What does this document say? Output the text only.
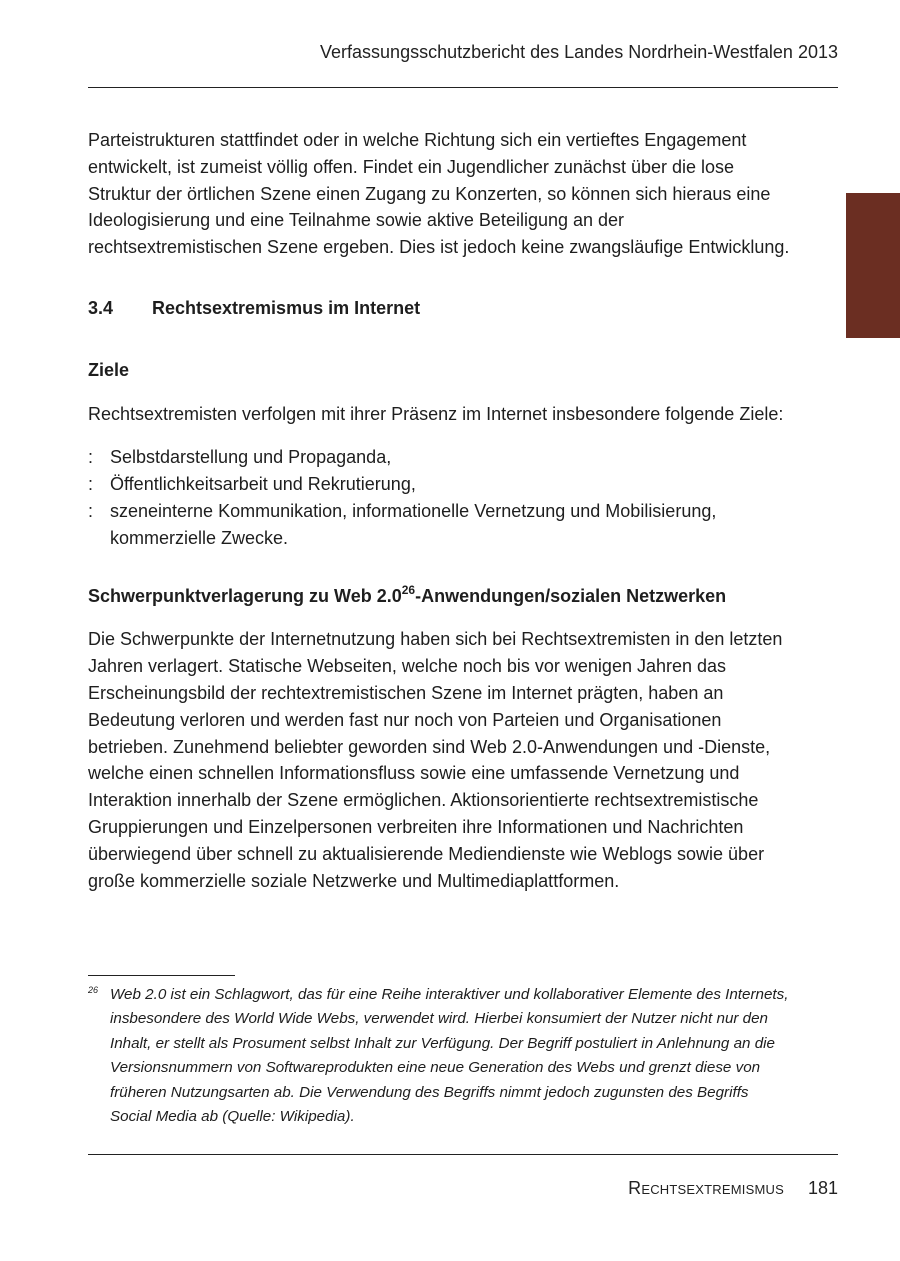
Verfassungsschutzbericht des Landes Nordrhein-Westfalen 2013

Parteistrukturen stattfindet oder in welche Richtung sich ein vertieftes Engagement entwickelt, ist zumeist völlig offen. Findet ein Jugendlicher zunächst über die lose Struktur der örtlichen Szene einen Zugang zu Konzerten, so können sich hieraus eine Ideologisierung und eine Teilnahme sowie aktive Beteiligung an der rechtsextremistischen Szene ergeben. Dies ist jedoch keine zwangsläufige Entwicklung.

3.4 Rechtsextremismus im Internet
Ziele

Rechtsextremisten verfolgen mit ihrer Präsenz im Internet insbesondere folgende Ziele:

: Selbstdarstellung und Propaganda,
: Öffentlichkeitsarbeit und Rekrutierung,
: szeneinterne Kommunikation, informationelle Vernetzung und Mobilisierung, kommerzielle Zwecke.
Schwerpunktverlagerung zu Web $2.0^{26}-Anwendungen$/sozialen Netzwerken

Die Schwerpunkte der Internetnutzung haben sich bei Rechtsextremisten in den letzten Jahren verlagert. Statische Webseiten, welche noch bis vor wenigen Jahren das Erscheinungsbild der rechtextremistischen Szene im Internet prägten, haben an Bedeutung verloren und werden fast nur noch von Parteien und Organisationen betrieben. Zunehmend beliebter geworden sind Web 2.0-Anwendungen und -Dienste, welche einen schnellen Informationsfluss sowie eine umfassende Vernetzung und Interaktion innerhalb der Szene ermöglichen. Aktionsorientierte rechtsextremistische Gruppierungen und Einzelpersonen verbreiten ihre Informationen und Nachrichten überwiegend über schnell zu aktualisierende Mediendienste wie Weblogs sowie über große kommerzielle soziale Netzwerke und Multimediaplattformen.

26 Web 2.0 ist ein Schlagwort, das für eine Reihe interaktiver und kollaborativer Elemente des Internets, insbesondere des World Wide Webs, verwendet wird. Hierbei konsumiert der Nutzer nicht nur den Inhalt, er stellt als Prosument selbst Inhalt zur Verfügung. Der Begriff postuliert in Anlehnung an die Versionsnummern von Softwareprodukten eine neue Generation des Webs und grenzt diese von früheren Nutzungsarten ab. Die Verwendung des Begriffs nimmt jedoch zugunsten des Begriffs Social Media ab (Quelle: Wikipedia).
Rechtsextremismus 181
